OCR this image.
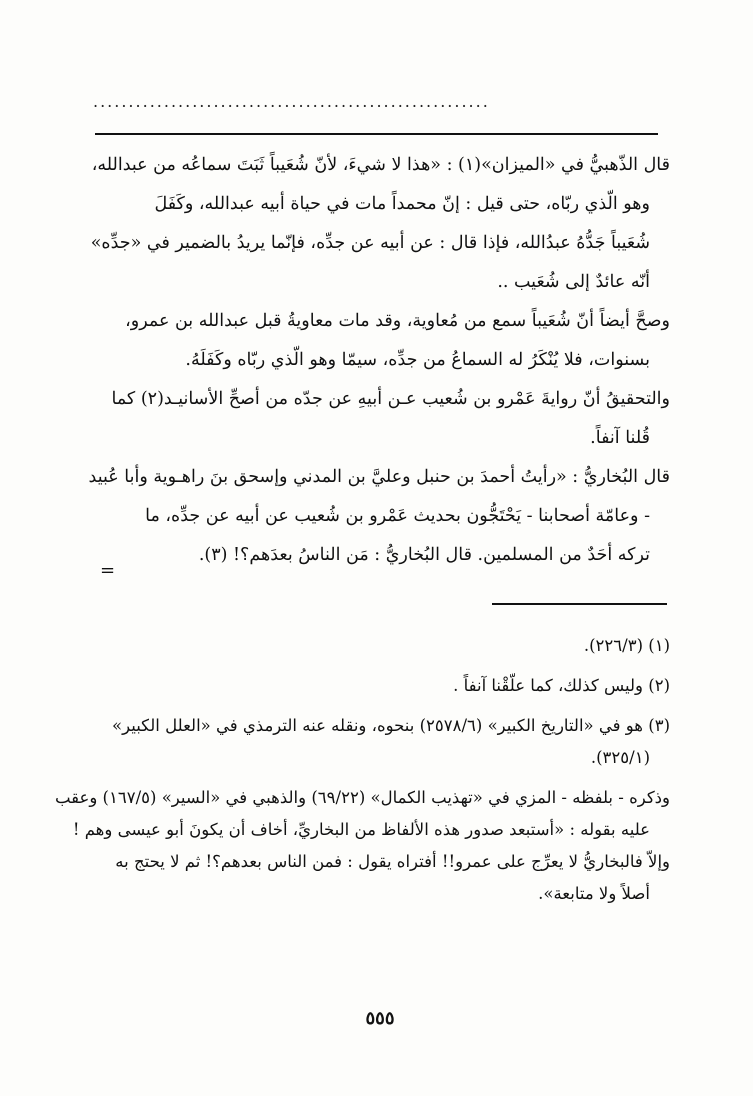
........................................................
قال الذّهبيُّ في «الميزان»(١) : «هذا لا شيءَ، لأنّ شُعَيباً ثَبَتَ سماعُه من عبدالله،
وهو الّذي ربّاه، حتى قيل : إنّ محمداً مات في حياة أبيه عبدالله، وكَفَلَ
شُعَيباً جَدُّهُ عبدُالله، فإذا قال : عن أبيه عن جدِّه، فإنّما يريدُ بالضمير في «جدِّه»
أنّه عائدٌ إلى شُعَيب ..
وصحَّ أيضاً أنّ شُعَيباً سمع من مُعاوية، وقد مات معاويةُ قبل عبدالله بن عمرو،
بسنوات، فلا يُنْكَرُ له السماعُ من جدِّه، سيمّا وهو الّذي ربّاه وكَفَلَهُ.
والتحقيقُ أنّ روايةَ عَمْرو بن شُعيب عـن أبيهِ عن جدّه من أصحِّ الأسانيـد(٢) كما
قُلنا آنفاً.
قال البُخاريُّ : «رأيتُ أحمدَ بن حنبل وعليَّ بن المدني وإسحق بنَ راهـوية وأبا عُبيد
- وعامّة أصحابنا - يَحْتَجُّون بحديث عَمْرو بن شُعيب عن أبيه عن جدِّه، ما
تركه أحَدٌ من المسلمين. قال البُخاريُّ : مَن الناسُ بعدَهم؟! (٣).
=
(١) (٢٢٦/٣).
(٢) وليس كذلك، كما علّقْنا آنفاً .
(٣) هو في «التاريخ الكبير» (٢٥٧٨/٦) بنحوه، ونقله عنه الترمذي في «العلل الكبير»
(٣٢٥/١).
وذكره - بلفظه - المزي في «تهذيب الكمال» (٦٩/٢٢) والذهبي في «السير» (١٦٧/٥) وعقب
عليه بقوله : «أستبعد صدور هذه الألفاظ من البخاريِّ، أخاف أن يكونَ أبو عيسى وهم !
وإلاّ فالبخاريُّ لا يعرِّج على عمرو!! أفتراه يقول : فمن الناس بعدهم؟! ثم لا يحتج به
أصلاً ولا متابعة».
٥٥٥
